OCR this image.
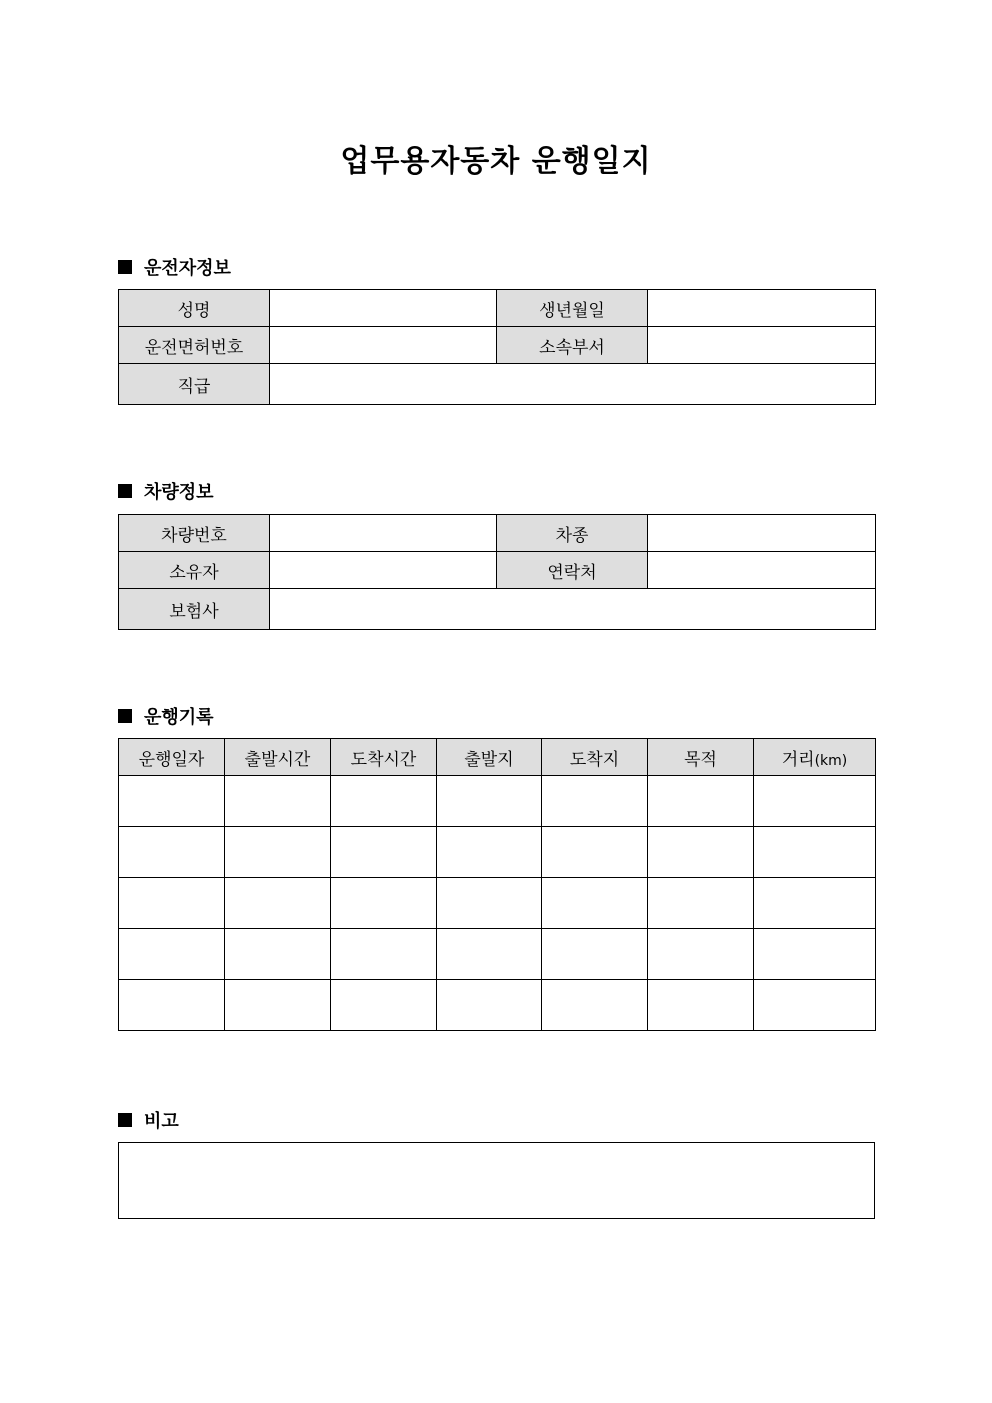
업무용자동차 운행일지
운전자정보
성명		생년월일	
운전면허번호		소속부서	
직급			
차량정보
차량번호		차종	
소유자		연락처	
보험사			
운행기록
운행일자	출발시간	도착시간	출발지	도착지	목적	거리(km)

비고
